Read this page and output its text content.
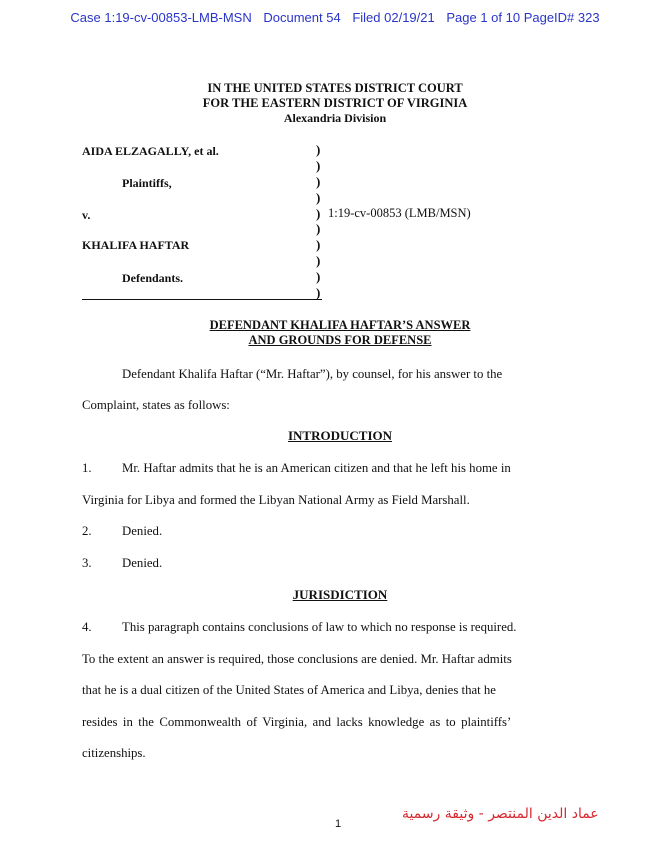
Case 1:19-cv-00853-LMB-MSN Document 54 Filed 02/19/21 Page 1 of 10 PageID# 323
IN THE UNITED STATES DISTRICT COURT
FOR THE EASTERN DISTRICT OF VIRGINIA
Alexandria Division
AIDA ELZAGALLY, et al.
Plaintiffs,
v.
KHALIFA HAFTAR
Defendants.
)
)
)
)
)
)
)
)
)
)
1:19-cv-00853 (LMB/MSN)
DEFENDANT KHALIFA HAFTAR’S ANSWER
AND GROUNDS FOR DEFENSE
Defendant Khalifa Haftar (“Mr. Haftar”), by counsel, for his answer to the
Complaint, states as follows:
INTRODUCTION
1. Mr. Haftar admits that he is an American citizen and that he left his home in
Virginia for Libya and formed the Libyan National Army as Field Marshall.
2. Denied.
3. Denied.
JURISDICTION
4. This paragraph contains conclusions of law to which no response is required.
To the extent an answer is required, those conclusions are denied. Mr. Haftar admits
that he is a dual citizen of the United States of America and Libya, denies that he
resides in the Commonwealth of Virginia, and lacks knowledge as to plaintiffs’
citizenships.
1
عماد الدين المنتصر - وثيقة رسمية
